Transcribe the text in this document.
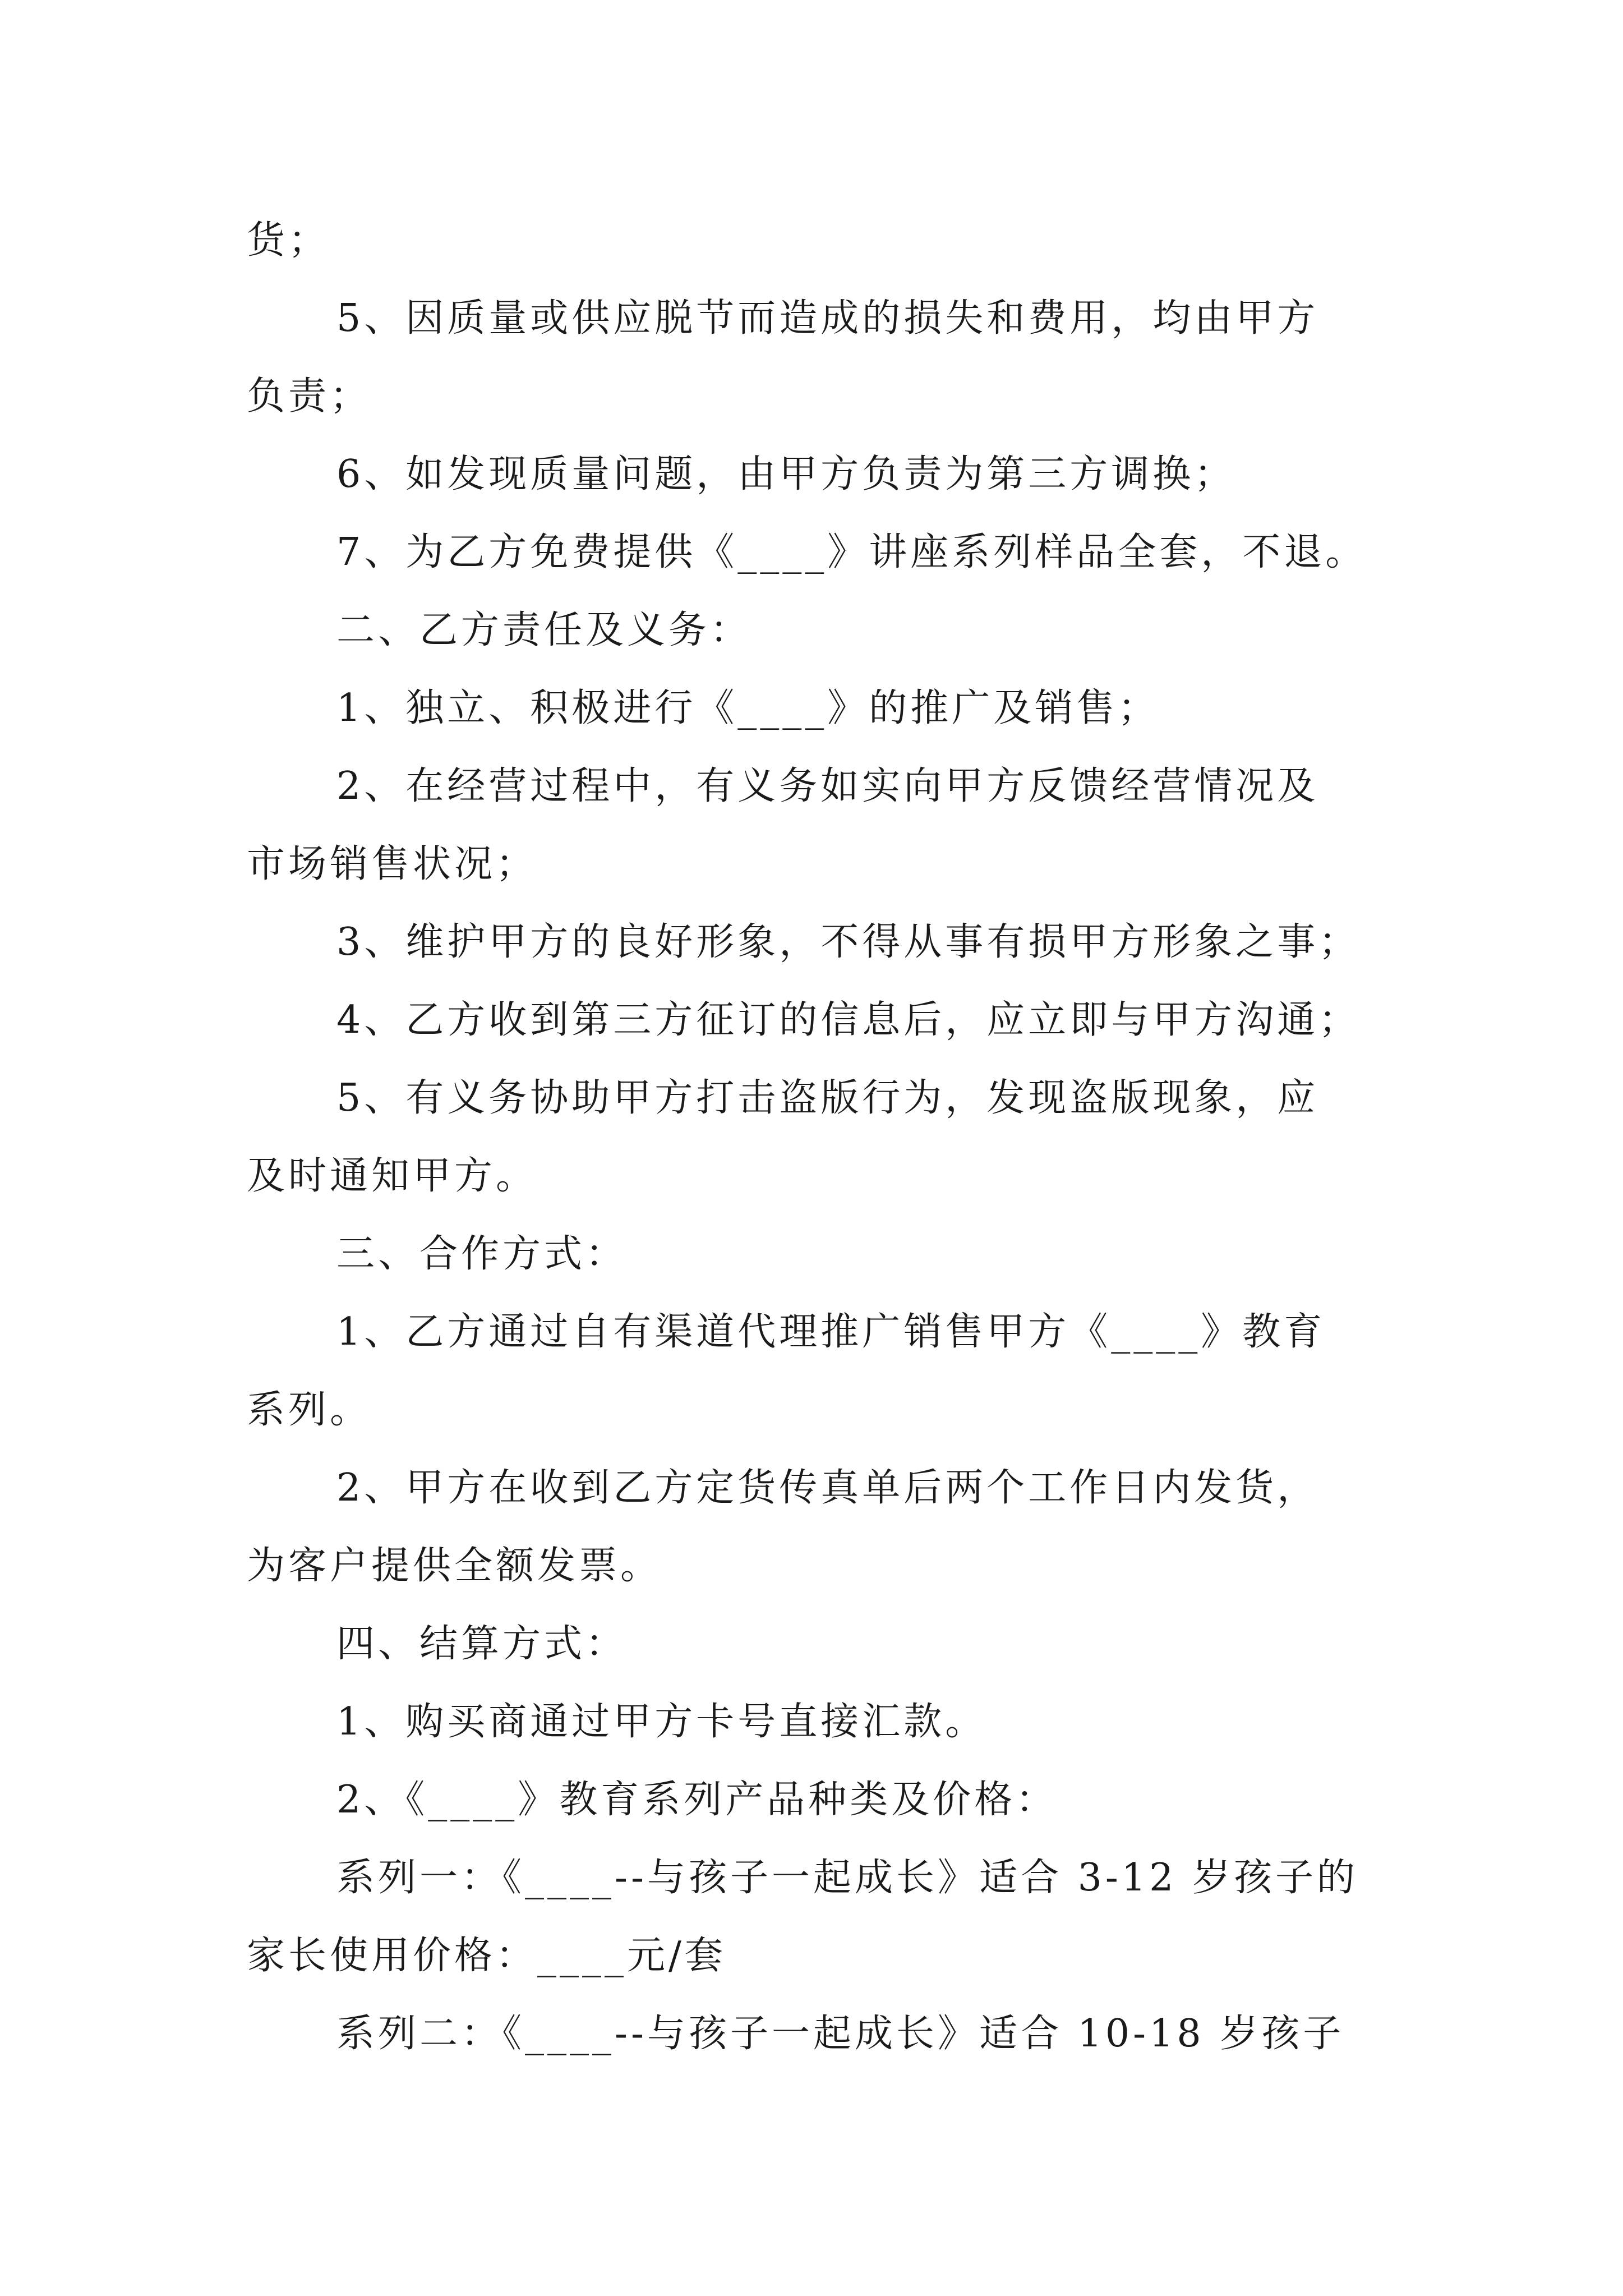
货；
5、因质量或供应脱节而造成的损失和费用，均由甲方
负责；
6、如发现质量问题，由甲方负责为第三方调换；
7、为乙方免费提供《____》讲座系列样品全套，不退。
二、乙方责任及义务：
1、独立、积极进行《____》的推广及销售；
2、在经营过程中，有义务如实向甲方反馈经营情况及
市场销售状况；
3、维护甲方的良好形象，不得从事有损甲方形象之事；
4、乙方收到第三方征订的信息后，应立即与甲方沟通；
5、有义务协助甲方打击盗版行为，发现盗版现象，应
及时通知甲方。
三、合作方式：
1、乙方通过自有渠道代理推广销售甲方《____》教育
系列。
2、甲方在收到乙方定货传真单后两个工作日内发货，
为客户提供全额发票。
四、结算方式：
1、购买商通过甲方卡号直接汇款。
2、《____》教育系列产品种类及价格：
系列一：《____--与孩子一起成长》适合 3-12 岁孩子的
家长使用价格：____元/套
系列二：《____--与孩子一起成长》适合 10-18 岁孩子
